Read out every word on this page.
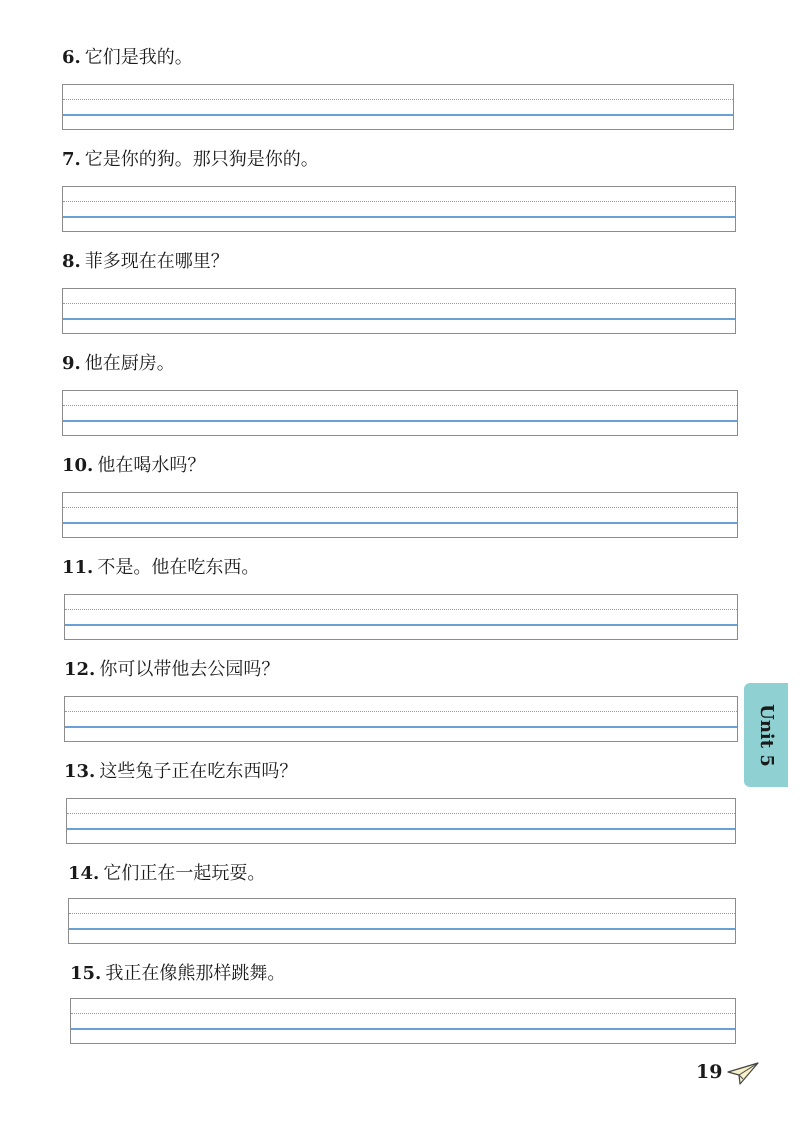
6. 它们是我的。
7. 它是你的狗。那只狗是你的。
8. 菲多现在在哪里？
9. 他在厨房。
10. 他在喝水吗？
11. 不是。他在吃东西。
12. 你可以带他去公园吗？
13. 这些兔子正在吃东西吗？
14. 它们正在一起玩耍。
15. 我正在像熊那样跳舞。
Unit 5
19
